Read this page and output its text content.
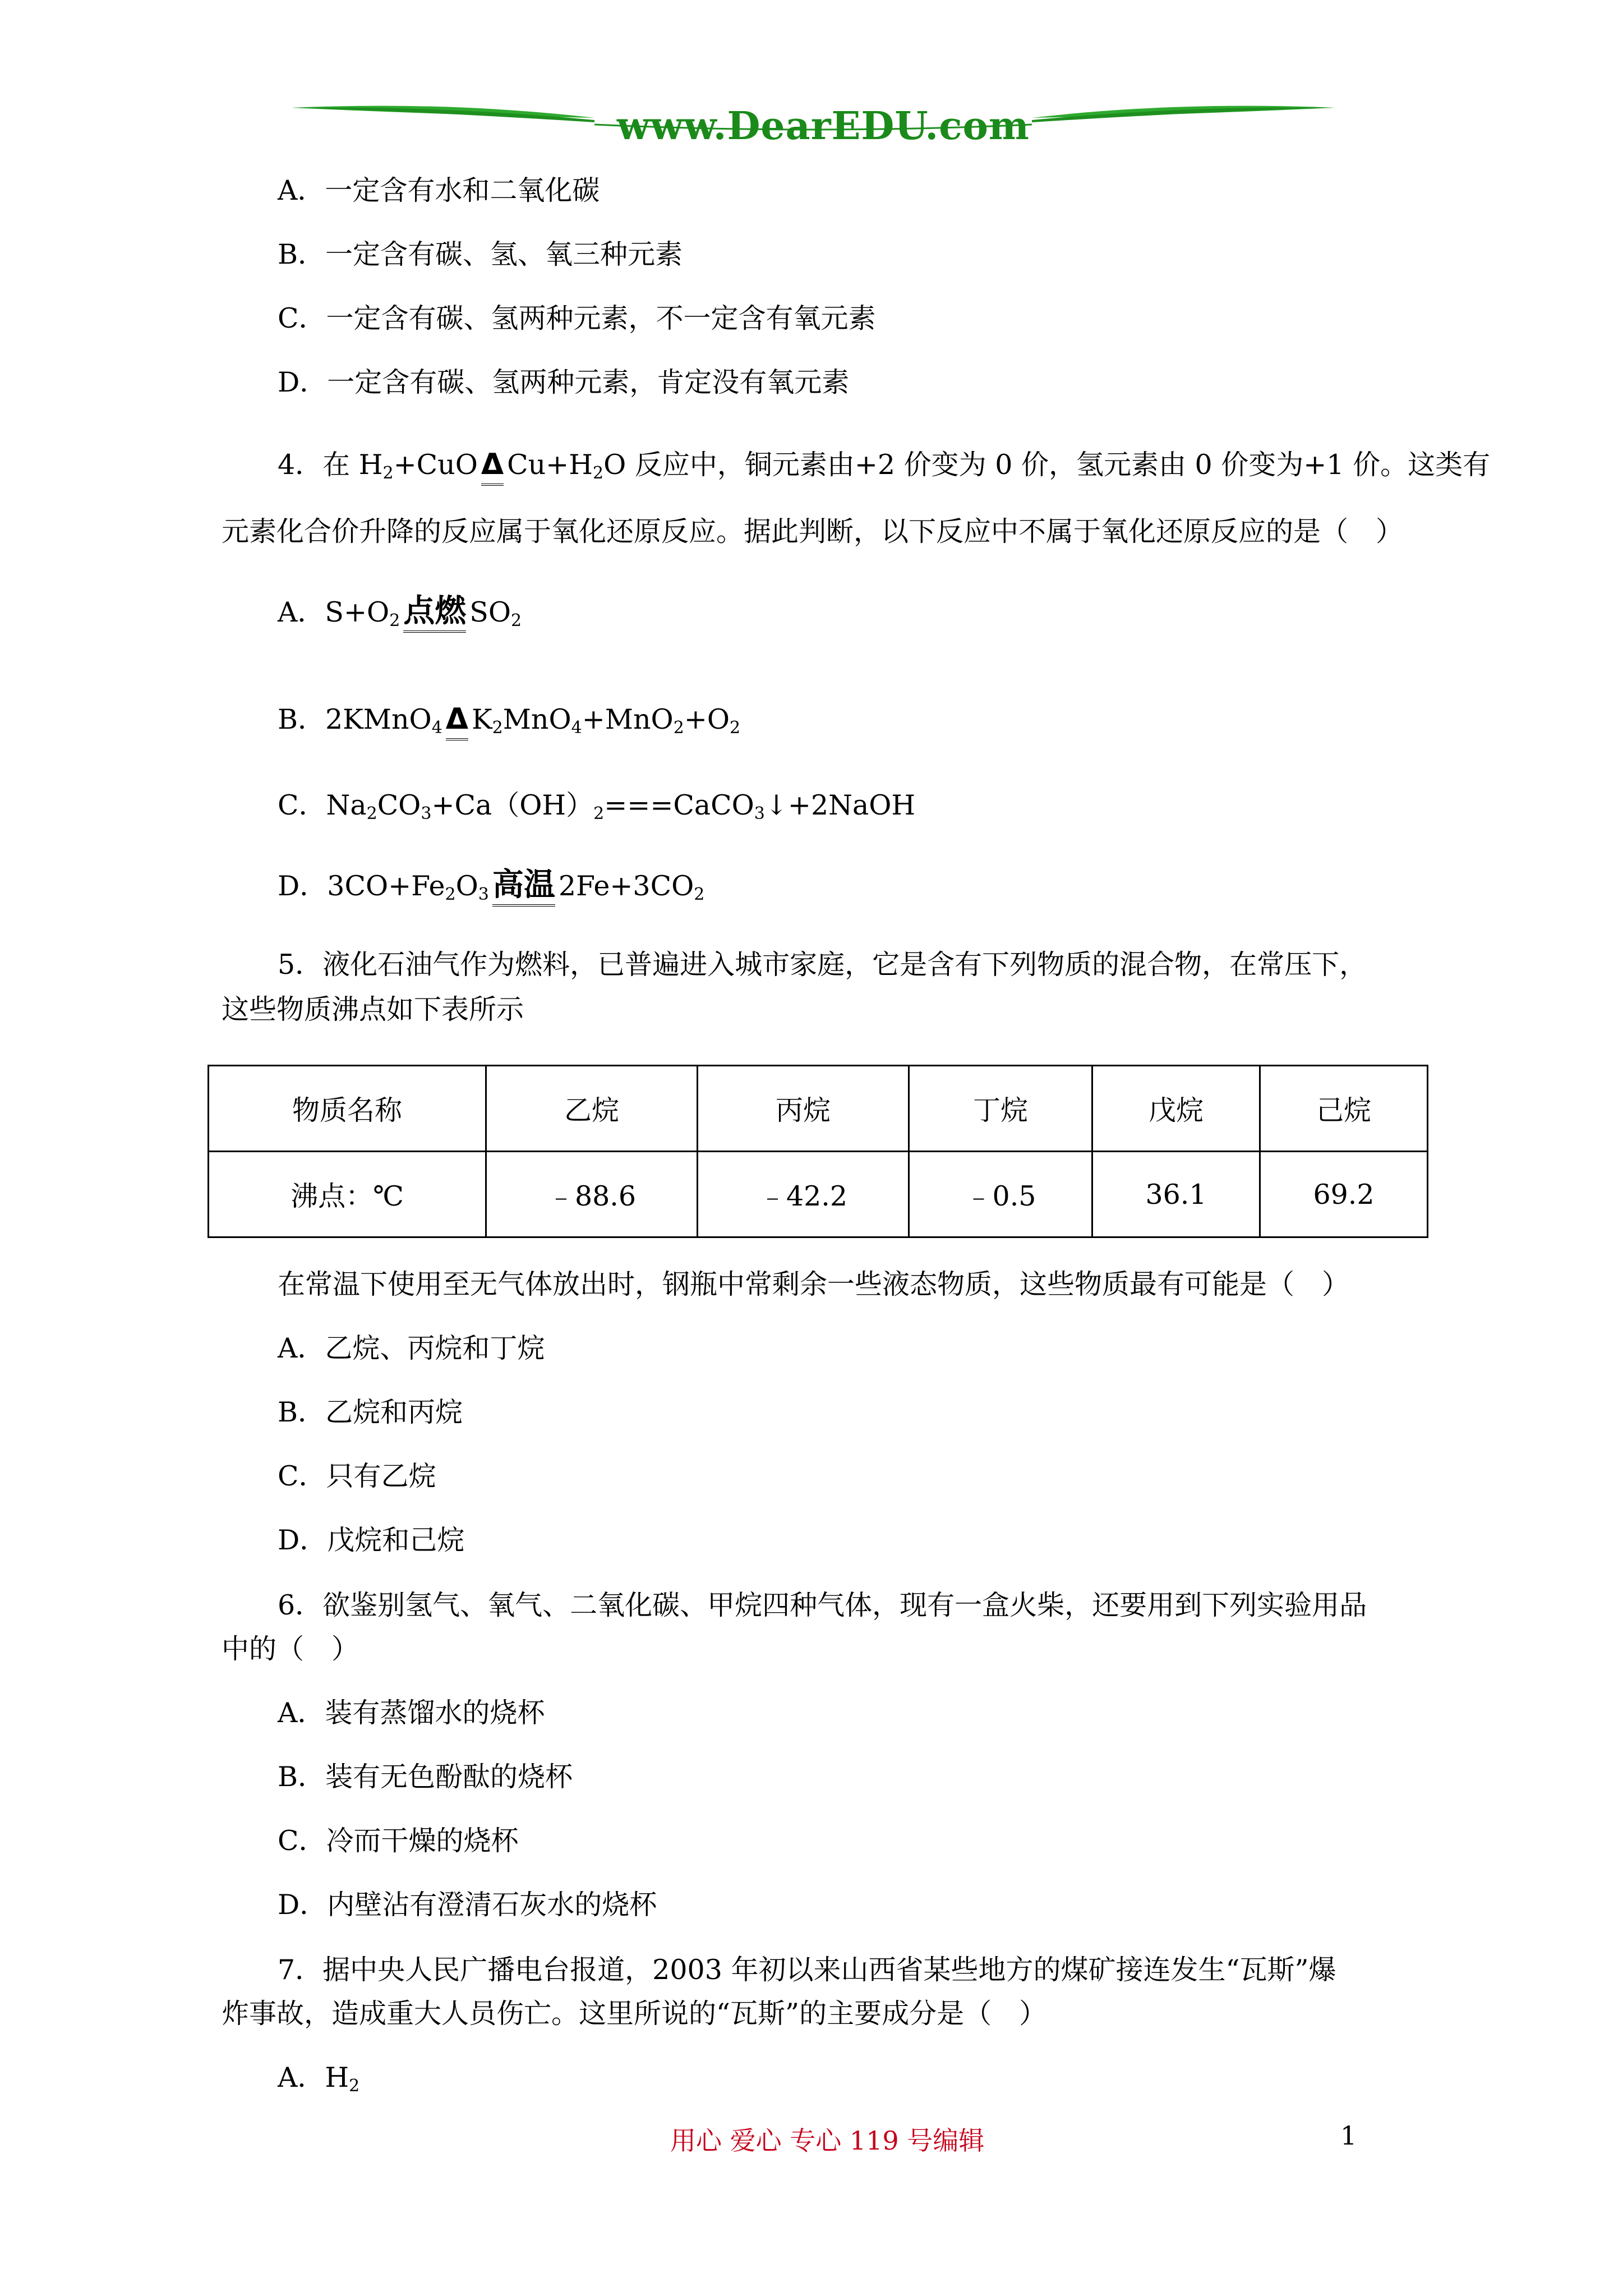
www.DearEDU.com
A．一定含有水和二氧化碳
B．一定含有碳、氢、氧三种元素
C．一定含有碳、氢两种元素，不一定含有氧元素
D．一定含有碳、氢两种元素，肯定没有氧元素
4．在 $H_2+CuO$ Δ $Cu+H_2O$ 反应中，铜元素由+2 价变为 0 价，氢元素由 0 价变为+1 价。这类有
元素化合价升降的反应属于氧化还原反应。据此判断，以下反应中不属于氧化还原反应的是（　）
A．$S+O_2$ 点燃 $SO_2$
B．2KMnO$_4$ Δ $K_2MnO_4+MnO_2+O_2$
C．$Na_2CO_3+Ca(OH)_2===CaCO_3↓+2NaOH$
D．$3CO+Fe_2O_3$ 高温 $2Fe+3CO_2$
5．液化石油气作为燃料，已普遍进入城市家庭，它是含有下列物质的混合物，在常压下，
这些物质沸点如下表所示
在常温下使用至无气体放出时，钢瓶中常剩余一些液态物质，这些物质最有可能是（　）
A．乙烷、丙烷和丁烷
B．乙烷和丙烷
C．只有乙烷
D．戊烷和己烷
6．欲鉴别氢气、氧气、二氧化碳、甲烷四种气体，现有一盒火柴，还要用到下列实验用品
中的（　）
A．装有蒸馏水的烧杯
B．装有无色酚酞的烧杯
C．冷而干燥的烧杯
D．内壁沾有澄清石灰水的烧杯
7．据中央人民广播电台报道，2003 年初以来山西省某些地方的煤矿接连发生“瓦斯”爆
炸事故，造成重大人员伤亡。这里所说的“瓦斯”的主要成分是（　）
A．$H_2$
物质名称	乙烷	丙烷	丁烷	戊烷	己烷
沸点：℃	﹣88.6	﹣42.2	﹣0.5	36.1	69.2
用心 爱心 专心 119 号编辑	1
